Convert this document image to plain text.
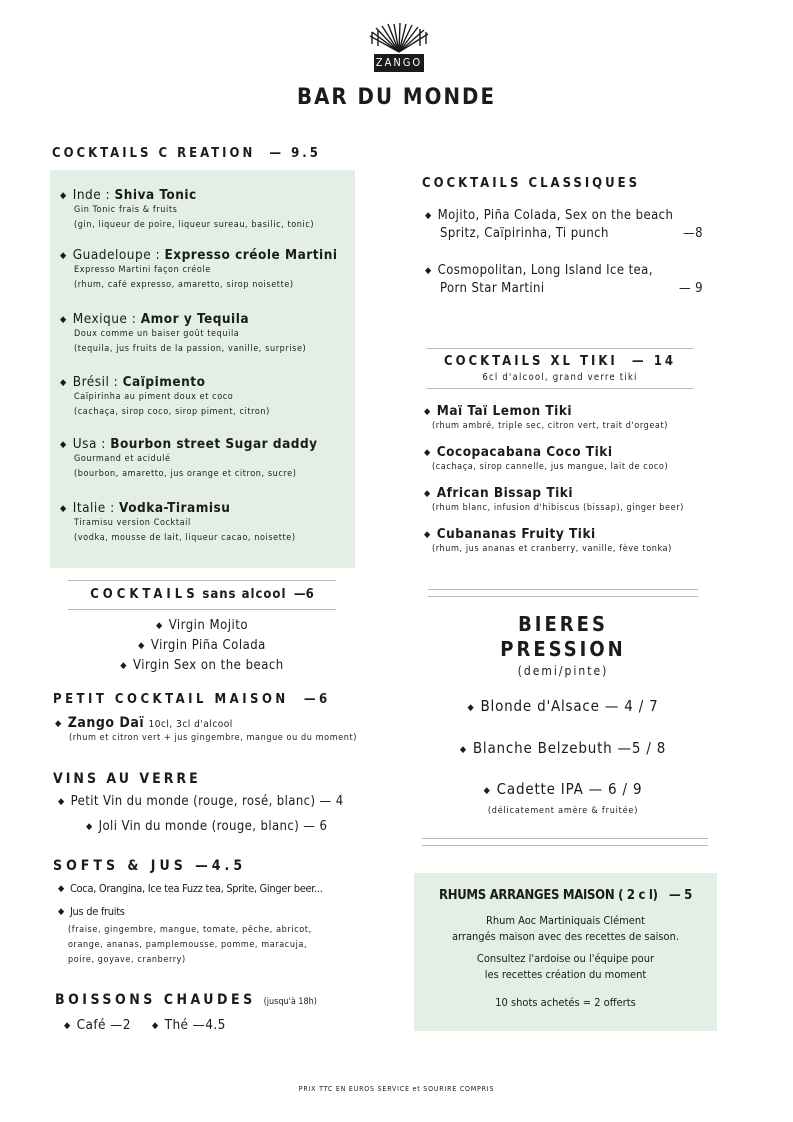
ZANGO
BAR DU MONDE
COCKTAILS C REATION — 9.5
◆ Inde : Shiva Tonic
Gin Tonic frais & fruits
(gin, liqueur de poire, liqueur sureau, basilic, tonic)
◆ Guadeloupe : Expresso créole Martini
Expresso Martini façon créole
(rhum, café expresso, amaretto, sirop noisette)
◆ Mexique : Amor y Tequila
Doux comme un baiser goût tequila
(tequila, jus fruits de la passion, vanille, surprise)
◆ Brésil : Caïpimento
Caïpirinha au piment doux et coco
(cachaça, sirop coco, sirop piment, citron)
◆ Usa : Bourbon street Sugar daddy
Gourmand et acidulé
(bourbon, amaretto, jus orange et citron, sucre)
◆ Italie : Vodka-Tiramisu
Tiramisu version Cocktail
(vodka, mousse de lait, liqueur cacao, noisette)
COCKTAILS CLASSIQUES
◆ Mojito, Piña Colada, Sex on the beach
Spritz, Caïpirinha, Ti punch	—8
◆ Cosmopolitan, Long Island Ice tea,
Porn Star Martini	— 9
COCKTAILS XL TIKI — 14
6cl d'alcool, grand verre tiki
◆ Maï Taï Lemon Tiki
(rhum ambré, triple sec, citron vert, trait d'orgeat)
◆ Cocopacabana Coco Tiki
(cachaça, sirop cannelle, jus mangue, lait de coco)
◆ African Bissap Tiki
(rhum blanc, infusion d'hibiscus (bissap), ginger beer)
◆ Cubananas Fruity Tiki
(rhum, jus ananas et cranberry, vanille, fève tonka)
COCKTAILS sans alcool —6
◆ Virgin Mojito
◆ Virgin Piña Colada
◆ Virgin Sex on the beach
PETIT COCKTAIL MAISON —6
◆ Zango Daï 10cl, 3cl d'alcool
(rhum et citron vert + jus gingembre, mangue ou du moment)
VINS AU VERRE
◆ Petit Vin du monde (rouge, rosé, blanc) — 4
◆ Joli Vin du monde (rouge, blanc) — 6
SOFTS & JUS —4.5
◆ Coca, Orangina, Ice tea Fuzz tea, Sprite, Ginger beer...
◆ Jus de fruits
(fraise, gingembre, mangue, tomate, pêche, abricot,
orange, ananas, pamplemousse, pomme, maracuja,
poire, goyave, cranberry)
BOISSONS CHAUDES (jusqu'à 18h)
◆ Café —2 ◆ Thé —4.5
BIERES
PRESSION
(demi/pinte)
◆ Blonde d'Alsace — 4 / 7
◆ Blanche Belzebuth —5 / 8
◆ Cadette IPA — 6 / 9
(délicatement amère & fruitée)
RHUMS ARRANGES MAISON ( 2 c l) — 5

Rhum Aoc Martiniquais Clément

arrangés maison avec des recettes de saison.

Consultez l'ardoise ou l'équipe pour

les recettes création du moment

10 shots achetés = 2 offerts

PRIX TTC EN EUROS SERVICE et SOURIRE COMPRIS
